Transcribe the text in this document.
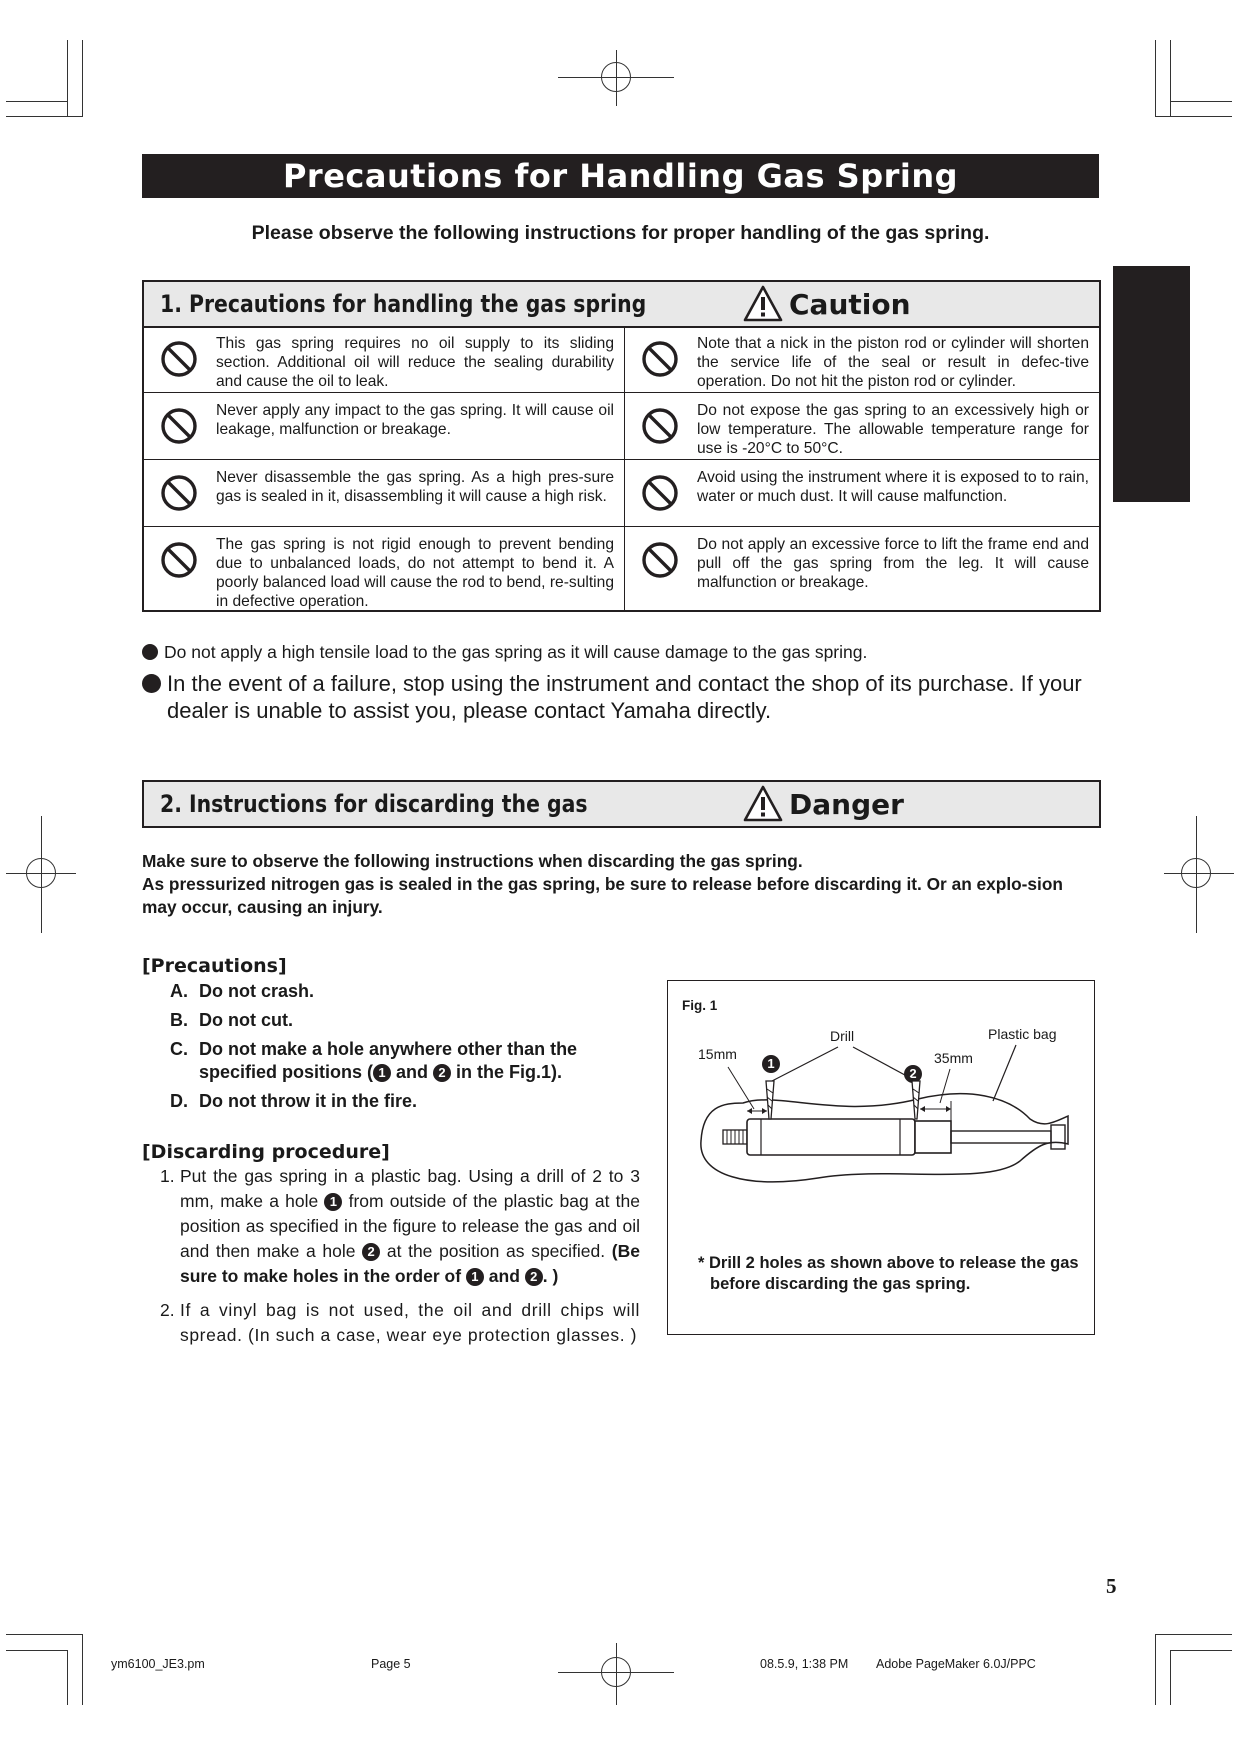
Precautions for Handling Gas Spring
Please observe the following instructions for proper handling of the gas spring.
1. Precautions for handling the gas spring	Caution
This gas spring requires no oil supply to its sliding section. Additional oil will reduce the sealing durability and cause the oil to leak.
Note that a nick in the piston rod or cylinder will shorten the service life of the seal or result in defec-tive operation. Do not hit the piston rod or cylinder.
Never apply any impact to the gas spring. It will cause oil leakage, malfunction or breakage.
Do not expose the gas spring to an excessively high or low temperature. The allowable temperature range for use is -20°C to 50°C.
Never disassemble the gas spring. As a high pres-sure gas is sealed in it, disassembling it will cause a high risk.
Avoid using the instrument where it is exposed to to rain, water or much dust. It will cause malfunction.
The gas spring is not rigid enough to prevent bending due to unbalanced loads, do not attempt to bend it. A poorly balanced load will cause the rod to bend, re-sulting in defective operation.
Do not apply an excessive force to lift the frame end and pull off the gas spring from the leg. It will cause malfunction or breakage.
Do not apply a high tensile load to the gas spring as it will cause damage to the gas spring.
In the event of a failure, stop using the instrument and contact the shop of its purchase. If your dealer is unable to assist you, please contact Yamaha directly.
2. Instructions for discarding the gas	Danger
Make sure to observe the following instructions when discarding the gas spring.
As pressurized nitrogen gas is sealed in the gas spring, be sure to release before discarding it. Or an explo-sion may occur, causing an injury.
[Precautions]
A. Do not crash.
B. Do not cut.
C. Do not make a hole anywhere other than the specified positions ( 1 and 2 in the Fig.1).
D. Do not throw it in the fire.
[Discarding procedure]
1. Put the gas spring in a plastic bag. Using a drill of 2 to 3 mm, make a hole 1 from outside of the plastic bag at the position as specified in the figure to release the gas and oil and then make a hole 2 at the position as specified. (Be sure to make holes in the order of 1 and 2 . )
2. If a vinyl bag is not used, the oil and drill chips will spread. (In such a case, wear eye protection glasses. )
Fig. 1
Drill	Plastic bag
15mm	35mm
1
2
* Drill 2 holes as shown above to release the gas before discarding the gas spring.
5
ym6100_JE3.pm	Page 5	08.5.9, 1:38 PM Adobe PageMaker 6.0J/PPC
